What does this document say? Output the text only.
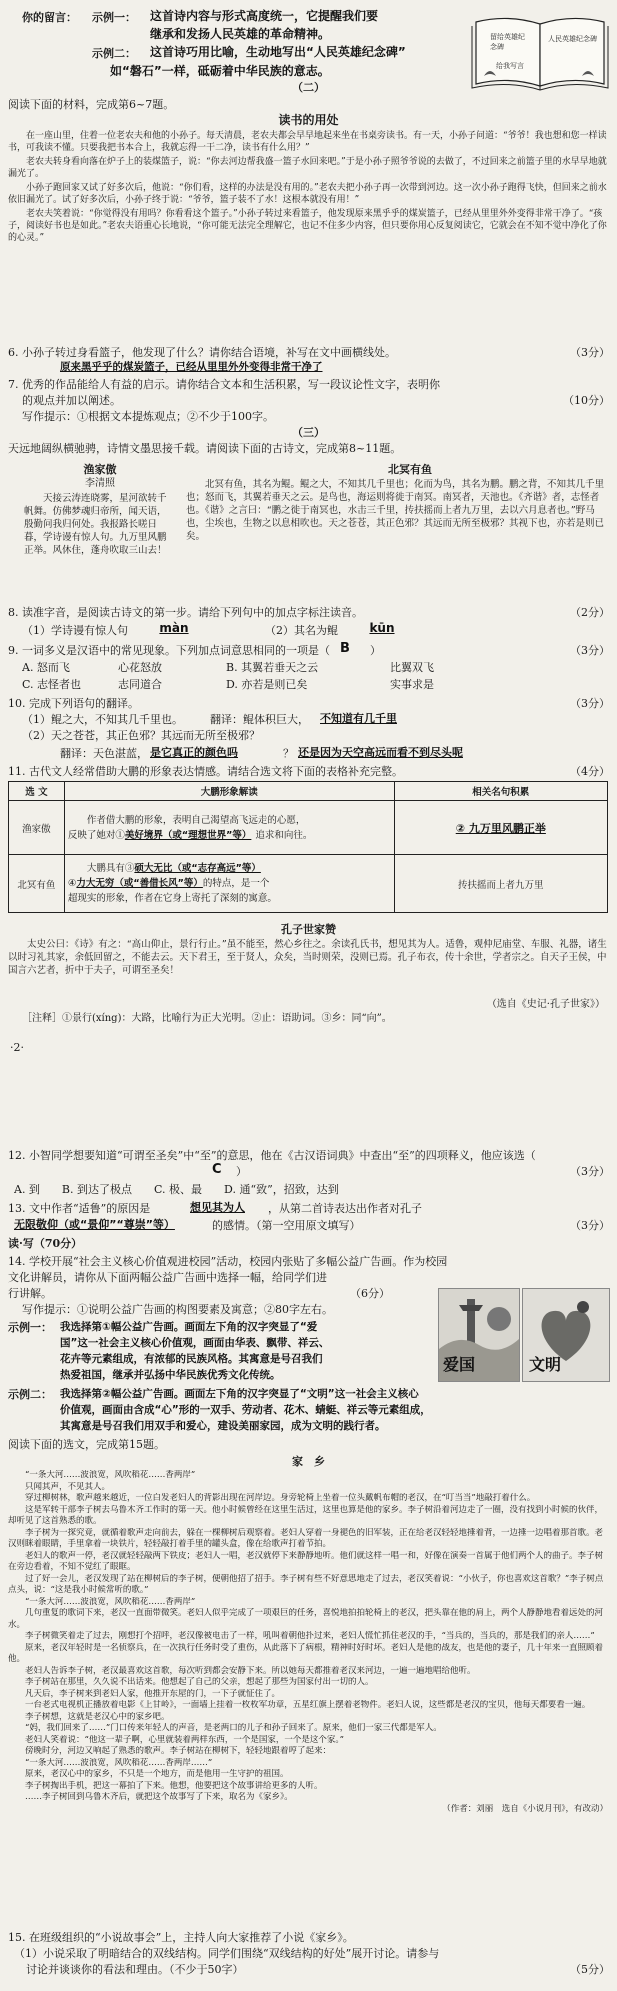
你的留言： 示例一： 这首诗内容与形式高度统一，它提醒我们要
继承和发扬人民英雄的革命精神。
示例二： 这首诗巧用比喻，生动地写出“人民英雄纪念碑”
如“磐石”一样，砥砺着中华民族的意志。
留给英雄纪念碑
给我写言
人民英雄纪念碑
（二）
阅读下面的材料，完成第6~7题。
读书的用处

在一座山里，住着一位老农夫和他的小孙子。每天清晨，老农夫都会早早地起来坐在书桌旁读书。有一天，小孙子问道：“爷爷！我也想和您一样读书，可我读不懂。只要我把书本合上，我就忘得一干二净，读书有什么用？”

老农夫转身看向落在炉子上的装煤篮子，说：“你去河边帮我盛一篮子水回来吧。”于是小孙子照爷爷说的去做了，不过回来之前篮子里的水早早地就漏光了。

小孙子跑回家又试了好多次后，他说：“你们看，这样的办法是没有用的。”老农夫把小孙子再一次带到河边。这一次小孙子跑得飞快，但回来之前水依旧漏光了。试了好多次后，小孙子终于说：“爷爷，篮子装不了水！这根本就没有用！”

老农夫笑着说：“你觉得没有用吗？你看看这个篮子。”小孙子转过来看篮子，他发现原来黑乎乎的煤炭篮子，已经从里里外外变得非常干净了。“孩子，阅读好书也是如此。”老农夫语重心长地说，“你可能无法完全理解它，也记不住多少内容，但只要你用心反复阅读它，它就会在不知不觉中净化了你的心灵。”

6. 小孙子转过身看篮子，他发现了什么？请你结合语境，补写在文中画横线处。	（3分）
原来黑乎乎的煤炭篮子，已经从里里外外变得非常干净了
7. 优秀的作品能给人有益的启示。请你结合文本和生活积累，写一段议论性文字，表明你
的观点并加以阐述。	（10分）
写作提示：①根据文本提炼观点；②不少于100字。
（三）
天远地阔纵横驰骋，诗情文墨思接千载。请阅读下面的古诗文，完成第8~11题。
渔家傲
李清照
天接云涛连晓雾，星河欲转千帆舞。仿佛梦魂归帝所，闻天语，殷勤问我归何处。我报路长嗟日暮，学诗谩有惊人句。九万里风鹏正举。风休住，蓬舟吹取三山去！
北冥有鱼
北冥有鱼，其名为鲲。鲲之大，不知其几千里也；化而为鸟，其名为鹏。鹏之背，不知其几千里也；怒而飞，其翼若垂天之云。是鸟也，海运则将徙于南冥。南冥者，天池也。《齐谐》者，志怪者也。《谐》之言曰：“鹏之徙于南冥也，水击三千里，抟扶摇而上者九万里，去以六月息者也。”野马也，尘埃也，生物之以息相吹也。天之苍苍，其正色邪？其远而无所至极邪？其视下也，亦若是则已矣。
8. 读准字音，是阅读古诗文的第一步。请给下列句中的加点字标注读音。	（2分）
（1）学诗谩有惊人句	màn	（2）其名为鲲	kūn
9. 一词多义是汉语中的常见现象。下列加点词意思相同的一项是（ B ）	（3分）
A. 怒而飞	心花怒放	B. 其翼若垂天之云	比翼双飞
C. 志怪者也	志同道合	D. 亦若是则已矣	实事求是
10. 完成下列语句的翻译。	（3分）
（1）鲲之大，不知其几千里也。 翻译：鲲体积巨大， 不知道有几千里
（2）天之苍苍，其正色邪？其远而无所至极邪？
翻译：天色湛蓝， 是它真正的颜色吗	？ 还是因为天空高远而看不到尽头呢
11. 古代文人经常借助大鹏的形象表达情感。请结合选文将下面的表格补充完整。	（4分）
选 文	大鹏形象解读	相关名句积累
渔家傲	作者借大鹏的形象，表明自己渴望高飞远走的心愿，
反映了她对①美好境界（或“理想世界”等） 追求和向往。	② 九万里风鹏正举
北冥有鱼	大鹏具有③硕大无比（或“志存高远”等）
④力大无穷（或“善借长风”等）的特点，是一个
超现实的形象，作者在它身上寄托了深刻的寓意。	抟扶摇而上者九万里
孔子世家赞
太史公曰：《诗》有之：“高山仰止，景行行止。”虽不能至，然心乡往之。余读孔氏书，想见其为人。适鲁，观仲尼庙堂、车服、礼器，诸生以时习礼其家，余低回留之，不能去云。天下君王，至于贤人，众矣，当时则荣，没则已焉。孔子布衣，传十余世，学者宗之。自天子王侯，中国言六艺者，折中于夫子，可谓至圣矣！
（选自《史记·孔子世家》）
［注释］①景行(xíng)：大路，比喻行为正大光明。②止：语助词。③乡：同“向”。
·2·
12. 小智同学想要知道“可谓至圣矣”中“至”的意思，他在《古汉语词典》中查出“至”的四项释义，他应该选（
C ）	（3分）
A. 到　　B. 到达了极点　　C. 极、最　　D. 通“致”，招致，达到
13. 文中作者“适鲁”的原因是	想见其为人 ，从第二首诗表达出作者对孔子
无限敬仰（或“景仰”“尊崇”等）	的感情。（第一空用原文填写）	（3分）
读·写（70分）
14. 学校开展“社会主义核心价值观进校园”活动，校园内张贴了多幅公益广告画。作为校园
文化讲解员，请你从下面两幅公益广告画中选择一幅，给同学们进
行讲解。	（6分）
写作提示：①说明公益广告画的构图要素及寓意；②80字左右。
爱国	文明
示例一： 我选择第①幅公益广告画。画面左下角的汉字突显了“爱
国”这一社会主义核心价值观，画面由华表、飘带、祥云、
花卉等元素组成，有浓郁的民族风格。其寓意是号召我们
热爱祖国，继承并弘扬中华民族优秀文化传统。
示例二： 我选择第②幅公益广告画。画面左下角的汉字突显了“文明”这一社会主义核心
价值观，画面由含成“心”形的一双手、劳动者、花木、蜻蜓、祥云等元素组成，
其寓意是号召我们用双手和爱心，建设美丽家园，成为文明的践行者。
阅读下面的选文，完成第15题。
家　乡

“一条大河……波浪宽，风吹稻花……香两岸”

只闻其声，不见其人。

穿过柳树林，歌声越来越近，一位白发老妇人的背影出现在河岸边。身旁轮椅上坐着一位头戴帆布帽的老汉，在“叮当当”地敲打着什么。

这是军转干部李子树去乌鲁木齐工作时的第一天。他小时候曾经在这里生活过，这里也算是他的家乡。李子树沿着河边走了一圈，没有找到小时候的伙伴，却听见了这首熟悉的歌。

李子树为一探究竟，就循着歌声走向前去，躲在一棵柳树后观察着。老妇人穿着一身褪色的旧军装，正在给老汉轻轻地捶着背，一边捶一边唱着那首歌。老汉则眯着眼睛，手里拿着一块铁片，轻轻敲打着手里的罐头盒，像在给歌声打着节拍。

老妇人的歌声一停，老汉就轻轻敲两下铁皮；老妇人一唱，老汉就停下来静静地听。他们就这样一唱一和，好像在演奏一首属于他们两个人的曲子。李子树在旁边看着，不知不觉红了眼眶。

过了好一会儿，老汉发现了站在柳树后的李子树，便朝他招了招手。李子树有些不好意思地走了过去，老汉笑着说：“小伙子，你也喜欢这首歌？”李子树点点头，说：“这是我小时候常听的歌。”

“一条大河……波浪宽，风吹稻花……香两岸”

几句重复的歌词下来，老汉一直面带微笑。老妇人似乎完成了一项艰巨的任务，喜悦地拍拍轮椅上的老汉，把头靠在他的肩上，两个人静静地看着远处的河水。

李子树微笑着走了过去，刚想打个招呼，老汉像被电击了一样，吼叫着朝他扑过来，老妇人慌忙抓住老汉的手，“当兵的，当兵的，那是我们的亲人……”

原来，老汉年轻时是一名侦察兵，在一次执行任务时受了重伤，从此落下了病根，精神时好时坏。老妇人是他的战友，也是他的妻子，几十年来一直照顾着他。

老妇人告诉李子树，老汉最喜欢这首歌，每次听到都会安静下来。所以她每天都推着老汉来河边，一遍一遍地唱给他听。

李子树站在那里，久久说不出话来。他想起了自己的父亲，想起了那些为国家付出一切的人。

凡天后，李子树来到老妇人家，他推开东屋的门，一下子就怔住了。

一台老式电视机正播放着电影《上甘岭》，一面墙上挂着一枚枚军功章，五星红旗上摆着老物件。老妇人说，这些都是老汉的宝贝，他每天都要看一遍。

李子树想，这就是老汉心中的家乡吧。

“妈，我们回来了……”门口传来年轻人的声音，是老两口的儿子和孙子回来了。原来，他们一家三代都是军人。

老妇人笑着说：“他这一辈子啊，心里就装着两样东西，一个是国家，一个是这个家。”

傍晚时分，河边又响起了熟悉的歌声。李子树站在柳树下，轻轻地跟着哼了起来：

“一条大河……波浪宽，风吹稻花……香两岸……”

原来，老汉心中的家乡，不只是一个地方，而是他用一生守护的祖国。

李子树掏出手机，把这一幕拍了下来。他想，他要把这个故事讲给更多的人听。

……李子树回到乌鲁木齐后，就把这个故事写了下来，取名为《家乡》。

（作者：刘丽　选自《小说月刊》，有改动）

15. 在班级组织的“小说故事会”上，主持人向大家推荐了小说《家乡》。
（1）小说采取了明暗结合的双线结构。同学们围绕“双线结构的好处”展开讨论。请参与
讨论并谈谈你的看法和理由。（不少于50字）	（5分）
